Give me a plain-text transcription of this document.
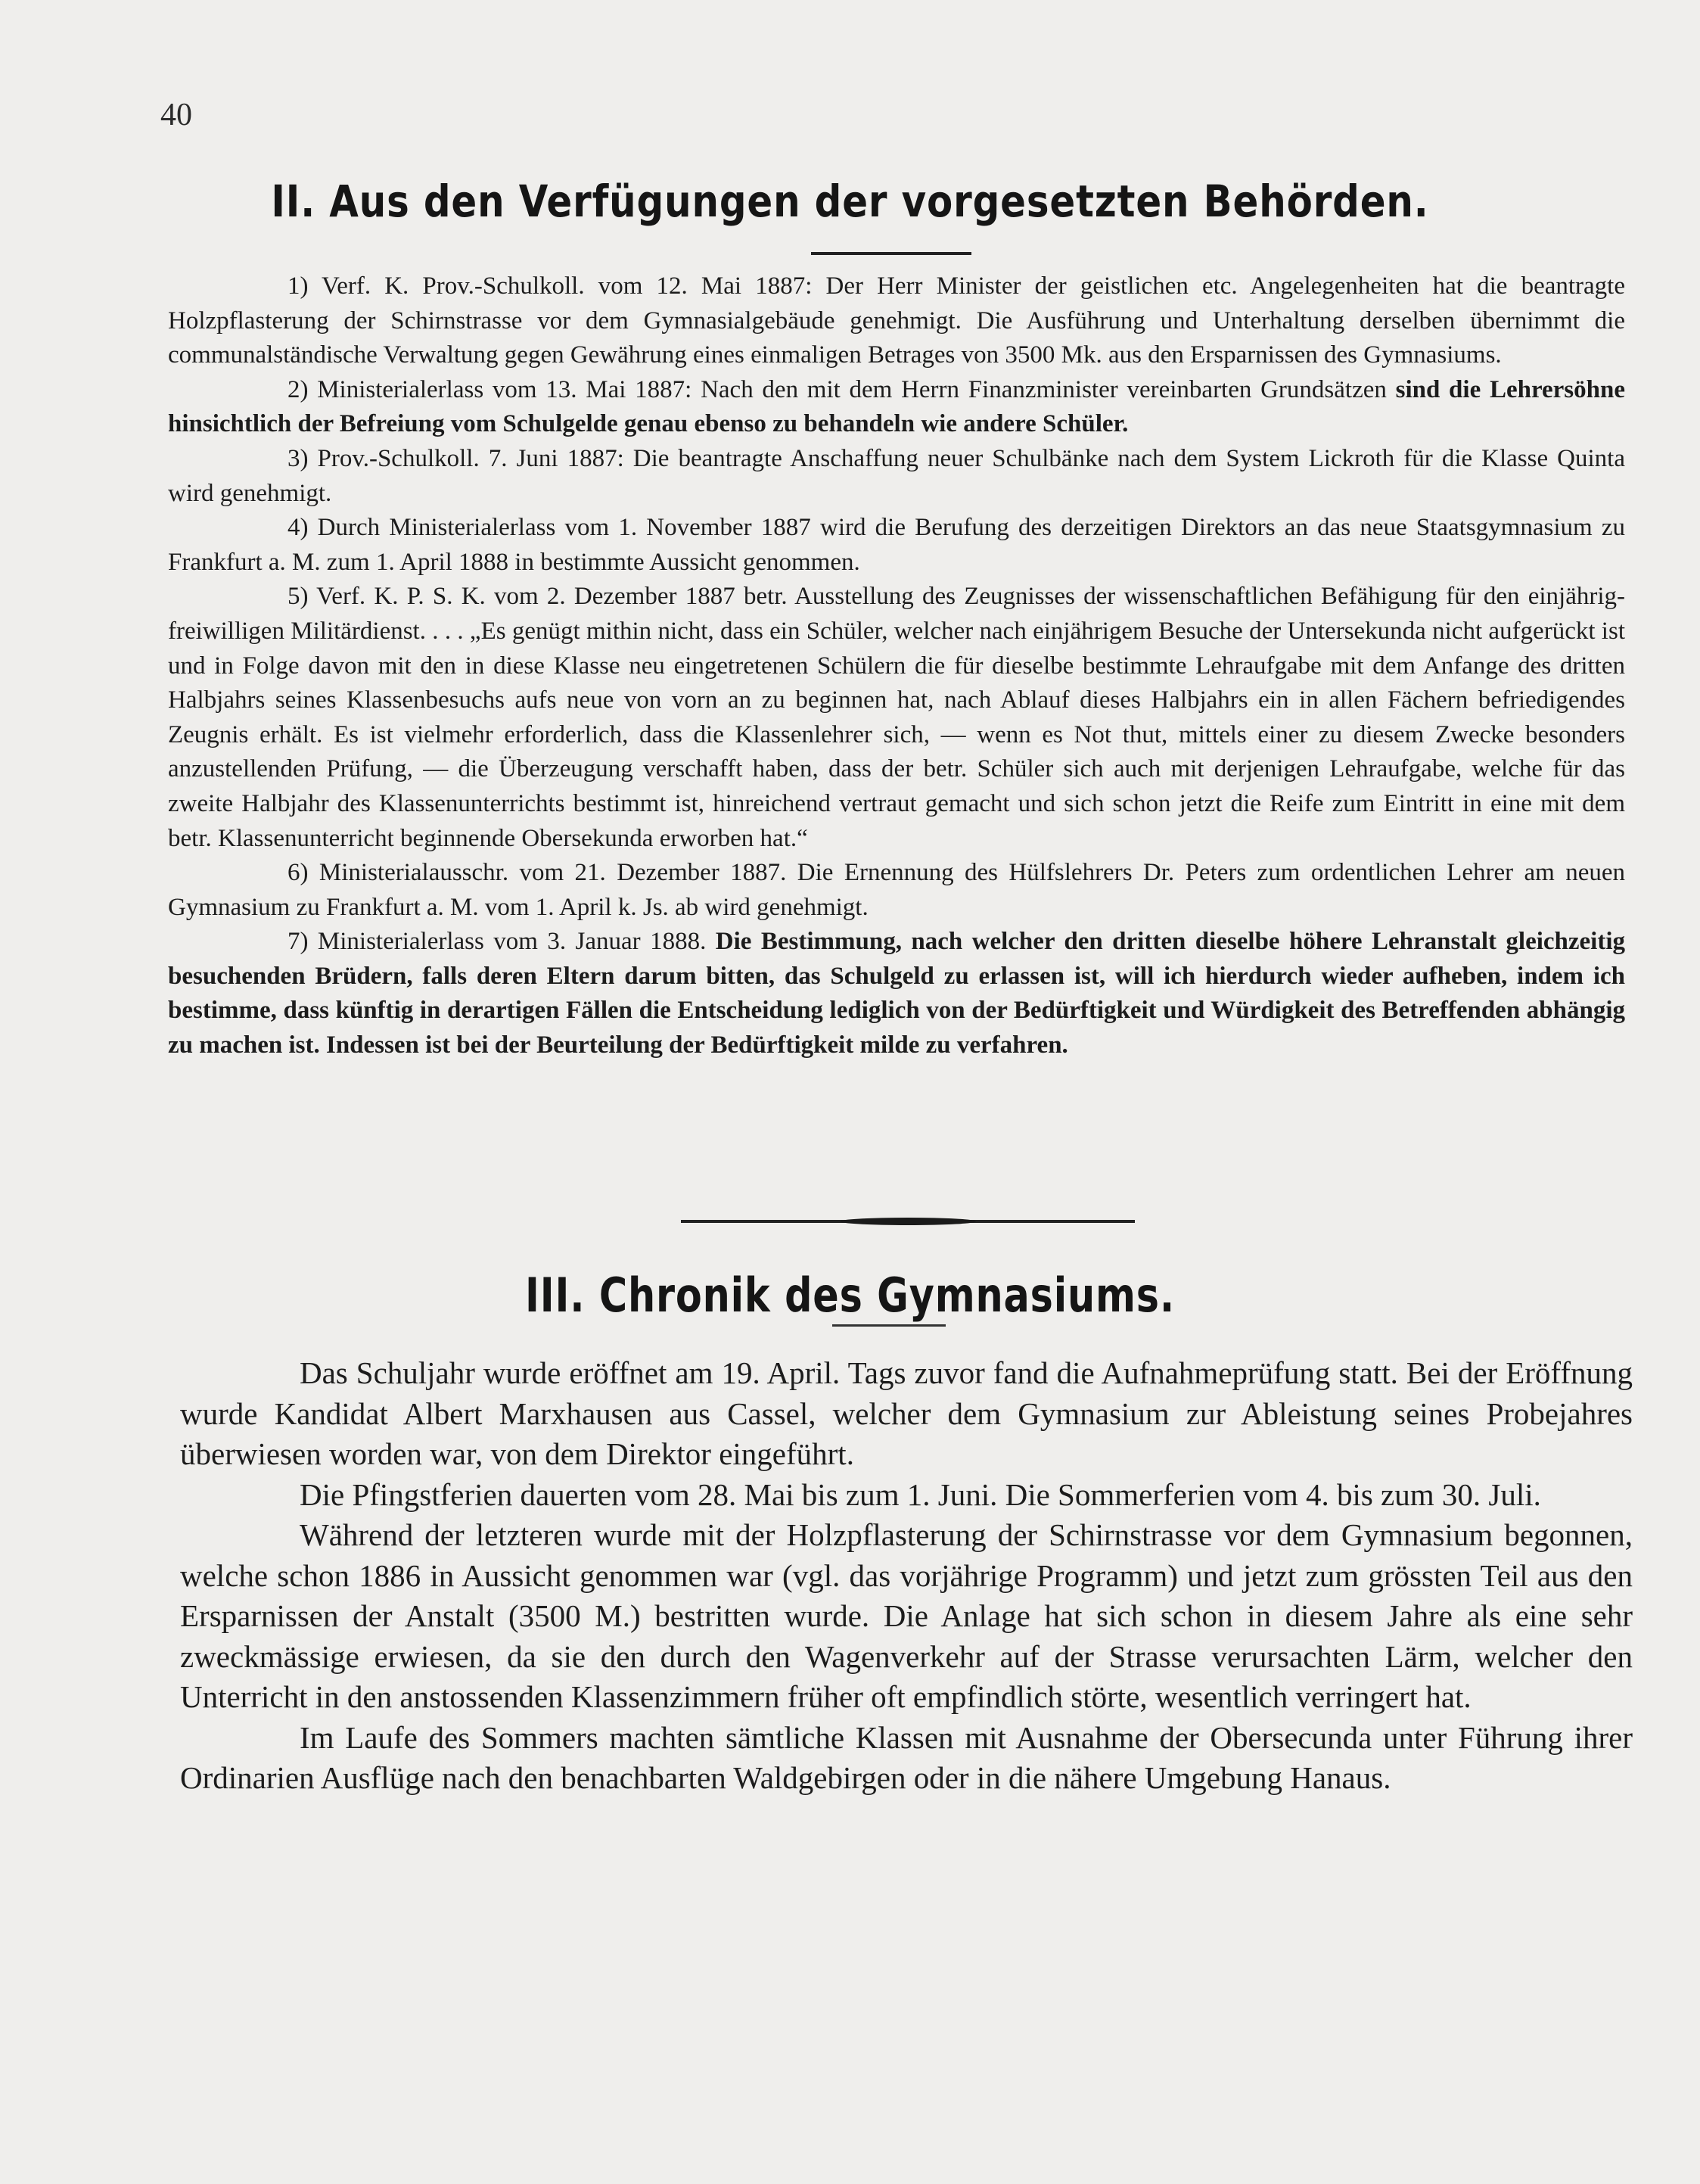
40
II. Aus den Verfügungen der vorgesetzten Behörden.

1) Verf. K. Prov.-Schulkoll. vom 12. Mai 1887: Der Herr Minister der geistlichen etc. Angelegenheiten hat die beantragte Holzpflasterung der Schirnstrasse vor dem Gymnasialgebäude genehmigt. Die Ausführung und Unterhaltung derselben übernimmt die communalständische Verwaltung gegen Gewährung eines einmaligen Betrages von 3500 Mk. aus den Ersparnissen des Gymnasiums.

2) Ministerialerlass vom 13. Mai 1887: Nach den mit dem Herrn Finanzminister vereinbarten Grundsätzen sind die Lehrersöhne hinsichtlich der Befreiung vom Schulgelde genau ebenso zu behandeln wie andere Schüler.

3) Prov.-Schulkoll. 7. Juni 1887: Die beantragte Anschaffung neuer Schulbänke nach dem System Lickroth für die Klasse Quinta wird genehmigt.

4) Durch Ministerialerlass vom 1. November 1887 wird die Berufung des derzeitigen Direktors an das neue Staatsgymnasium zu Frankfurt a. M. zum 1. April 1888 in bestimmte Aussicht genommen.

5) Verf. K. P. S. K. vom 2. Dezember 1887 betr. Ausstellung des Zeugnisses der wissenschaftlichen Befähigung für den einjährig-freiwilligen Militärdienst. . . . „Es genügt mithin nicht, dass ein Schüler, welcher nach einjährigem Besuche der Untersekunda nicht aufgerückt ist und in Folge davon mit den in diese Klasse neu eingetretenen Schülern die für dieselbe bestimmte Lehraufgabe mit dem Anfange des dritten Halbjahrs seines Klassenbesuchs aufs neue von vorn an zu beginnen hat, nach Ablauf dieses Halbjahrs ein in allen Fächern befriedigendes Zeugnis erhält. Es ist vielmehr erforderlich, dass die Klassenlehrer sich, — wenn es Not thut, mittels einer zu diesem Zwecke besonders anzustellenden Prüfung, — die Überzeugung verschafft haben, dass der betr. Schüler sich auch mit derjenigen Lehraufgabe, welche für das zweite Halbjahr des Klassenunterrichts bestimmt ist, hinreichend vertraut gemacht und sich schon jetzt die Reife zum Eintritt in eine mit dem betr. Klassenunterricht beginnende Obersekunda erworben hat.“

6) Ministerialausschr. vom 21. Dezember 1887. Die Ernennung des Hülfslehrers Dr. Peters zum ordentlichen Lehrer am neuen Gymnasium zu Frankfurt a. M. vom 1. April k. Js. ab wird genehmigt.

7) Ministerialerlass vom 3. Januar 1888. Die Bestimmung, nach welcher den dritten dieselbe höhere Lehranstalt gleichzeitig besuchenden Brüdern, falls deren Eltern darum bitten, das Schulgeld zu erlassen ist, will ich hierdurch wieder aufheben, indem ich bestimme, dass künftig in derartigen Fällen die Entscheidung lediglich von der Bedürftigkeit und Würdigkeit des Betreffenden abhängig zu machen ist. Indessen ist bei der Beurteilung der Bedürftigkeit milde zu verfahren.

III. Chronik des Gymnasiums.

Das Schuljahr wurde eröffnet am 19. April. Tags zuvor fand die Aufnahmeprüfung statt. Bei der Eröffnung wurde Kandidat Albert Marxhausen aus Cassel, welcher dem Gymnasium zur Ableistung seines Probejahres überwiesen worden war, von dem Direktor eingeführt.

Die Pfingstferien dauerten vom 28. Mai bis zum 1. Juni. Die Sommerferien vom 4. bis zum 30. Juli.

Während der letzteren wurde mit der Holzpflasterung der Schirnstrasse vor dem Gymnasium begonnen, welche schon 1886 in Aussicht genommen war (vgl. das vorjährige Programm) und jetzt zum grössten Teil aus den Ersparnissen der Anstalt (3500 M.) bestritten wurde. Die Anlage hat sich schon in diesem Jahre als eine sehr zweckmässige erwiesen, da sie den durch den Wagenverkehr auf der Strasse verursachten Lärm, welcher den Unterricht in den anstossenden Klassenzimmern früher oft empfindlich störte, wesentlich verringert hat.

Im Laufe des Sommers machten sämtliche Klassen mit Ausnahme der Obersecunda unter Führung ihrer Ordinarien Ausflüge nach den benachbarten Waldgebirgen oder in die nähere Umgebung Hanaus.
